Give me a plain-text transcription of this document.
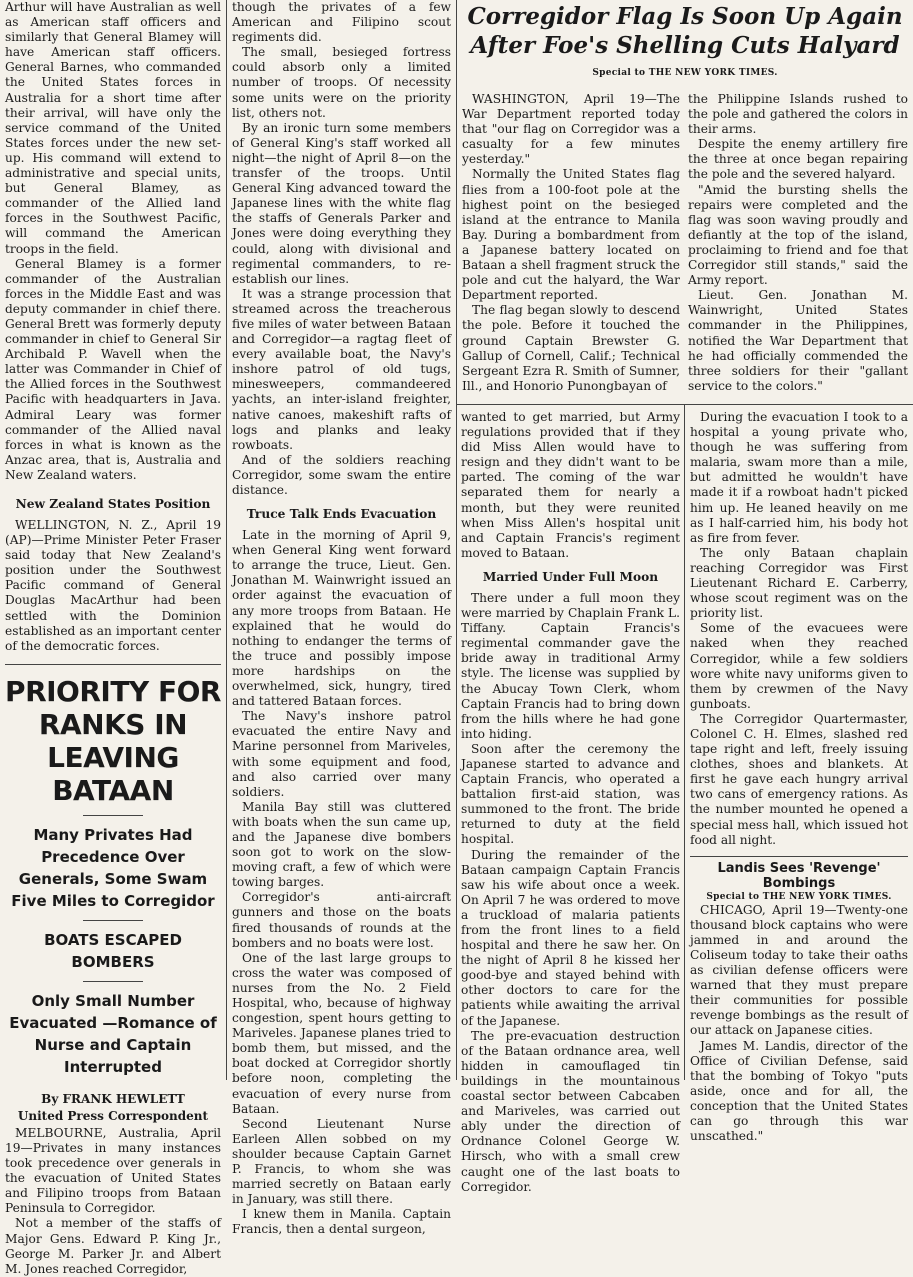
Arthur will have Australian as well as American staff officers and similarly that General Blamey will have American staff officers. General Barnes, who commanded the United States forces in Australia for a short time after their arrival, will have only the service command of the United States forces under the new set-up. His command will extend to administrative and special units, but General Blamey, as commander of the Allied land forces in the Southwest Pacific, will command the American troops in the field.

General Blamey is a former commander of the Australian forces in the Middle East and was deputy commander in chief there. General Brett was formerly deputy commander in chief to General Sir Archibald P. Wavell when the latter was Commander in Chief of the Allied forces in the Southwest Pacific with headquarters in Java. Admiral Leary was former commander of the Allied naval forces in what is known as the Anzac area, that is, Australia and New Zealand waters.

New Zealand States Position

WELLINGTON, N. Z., April 19 (AP)—Prime Minister Peter Fraser said today that New Zealand's position under the Southwest Pacific command of General Douglas MacArthur had been settled with the Dominion established as an important center of the democratic forces.

PRIORITY FOR RANKS IN LEAVING BATAAN
Many Privates Had Precedence Over Generals, Some Swam Five Miles to Corregidor
BOATS ESCAPED BOMBERS
Only Small Number Evacuated —Romance of Nurse and Captain Interrupted
By FRANK HEWLETT
United Press Correspondent

MELBOURNE, Australia, April 19—Privates in many instances took precedence over generals in the evacuation of United States and Filipino troops from Bataan Peninsula to Corregidor.

Not a member of the staffs of Major Gens. Edward P. King Jr., George M. Parker Jr. and Albert M. Jones reached Corregidor,

though the privates of a few American and Filipino scout regiments did.

The small, besieged fortress could absorb only a limited number of troops. Of necessity some units were on the priority list, others not.

By an ironic turn some members of General King's staff worked all night—the night of April 8—on the transfer of the troops. Until General King advanced toward the Japanese lines with the white flag the staffs of Generals Parker and Jones were doing everything they could, along with divisional and regimental commanders, to re-establish our lines.

It was a strange procession that streamed across the treacherous five miles of water between Bataan and Corregidor—a ragtag fleet of every available boat, the Navy's inshore patrol of old tugs, minesweepers, commandeered yachts, an inter-island freighter, native canoes, makeshift rafts of logs and planks and leaky rowboats.

And of the soldiers reaching Corregidor, some swam the entire distance.

Truce Talk Ends Evacuation

Late in the morning of April 9, when General King went forward to arrange the truce, Lieut. Gen. Jonathan M. Wainwright issued an order against the evacuation of any more troops from Bataan. He explained that he would do nothing to endanger the terms of the truce and possibly impose more hardships on the overwhelmed, sick, hungry, tired and tattered Bataan forces.

The Navy's inshore patrol evacuated the entire Navy and Marine personnel from Mariveles, with some equipment and food, and also carried over many soldiers.

Manila Bay still was cluttered with boats when the sun came up, and the Japanese dive bombers soon got to work on the slow-moving craft, a few of which were towing barges.

Corregidor's anti-aircraft gunners and those on the boats fired thousands of rounds at the bombers and no boats were lost.

One of the last large groups to cross the water was composed of nurses from the No. 2 Field Hospital, who, because of highway congestion, spent hours getting to Mariveles. Japanese planes tried to bomb them, but missed, and the boat docked at Corregidor shortly before noon, completing the evacuation of every nurse from Bataan.

Second Lieutenant Nurse Earleen Allen sobbed on my shoulder because Captain Garnet P. Francis, to whom she was married secretly on Bataan early in January, was still there.

I knew them in Manila. Captain Francis, then a dental surgeon,

Corregidor Flag Is Soon Up Again After Foe's Shelling Cuts Halyard
Special to THE NEW YORK TIMES.

WASHINGTON, April 19—The War Department reported today that "our flag on Corregidor was a casualty for a few minutes yesterday."

Normally the United States flag flies from a 100-foot pole at the highest point on the besieged island at the entrance to Manila Bay. During a bombardment from a Japanese battery located on Bataan a shell fragment struck the pole and cut the halyard, the War Department reported.

The flag began slowly to descend the pole. Before it touched the ground Captain Brewster G. Gallup of Cornell, Calif.; Technical Sergeant Ezra R. Smith of Sumner, Ill., and Honorio Punongbayan of

the Philippine Islands rushed to the pole and gathered the colors in their arms.

Despite the enemy artillery fire the three at once began repairing the pole and the severed halyard.

"Amid the bursting shells the repairs were completed and the flag was soon waving proudly and defiantly at the top of the island, proclaiming to friend and foe that Corregidor still stands," said the Army report.

Lieut. Gen. Jonathan M. Wainwright, United States commander in the Philippines, notified the War Department that he had officially commended the three soldiers for their "gallant service to the colors."

wanted to get married, but Army regulations provided that if they did Miss Allen would have to resign and they didn't want to be parted. The coming of the war separated them for nearly a month, but they were reunited when Miss Allen's hospital unit and Captain Francis's regiment moved to Bataan.

Married Under Full Moon

There under a full moon they were married by Chaplain Frank L. Tiffany. Captain Francis's regimental commander gave the bride away in traditional Army style. The license was supplied by the Abucay Town Clerk, whom Captain Francis had to bring down from the hills where he had gone into hiding.

Soon after the ceremony the Japanese started to advance and Captain Francis, who operated a battalion first-aid station, was summoned to the front. The bride returned to duty at the field hospital.

During the remainder of the Bataan campaign Captain Francis saw his wife about once a week. On April 7 he was ordered to move a truckload of malaria patients from the front lines to a field hospital and there he saw her. On the night of April 8 he kissed her good-bye and stayed behind with other doctors to care for the patients while awaiting the arrival of the Japanese.

The pre-evacuation destruction of the Bataan ordnance area, well hidden in camouflaged tin buildings in the mountainous coastal sector between Cabcaben and Mariveles, was carried out ably under the direction of Ordnance Colonel George W. Hirsch, who with a small crew caught one of the last boats to Corregidor.

During the evacuation I took to a hospital a young private who, though he was suffering from malaria, swam more than a mile, but admitted he wouldn't have made it if a rowboat hadn't picked him up. He leaned heavily on me as I half-carried him, his body hot as fire from fever.

The only Bataan chaplain reaching Corregidor was First Lieutenant Richard E. Carberry, whose scout regiment was on the priority list.

Some of the evacuees were naked when they reached Corregidor, while a few soldiers wore white navy uniforms given to them by crewmen of the Navy gunboats.

The Corregidor Quartermaster, Colonel C. H. Elmes, slashed red tape right and left, freely issuing clothes, shoes and blankets. At first he gave each hungry arrival two cans of emergency rations. As the number mounted he opened a special mess hall, which issued hot food all night.

Landis Sees 'Revenge' Bombings
Special to THE NEW YORK TIMES.

CHICAGO, April 19—Twenty-one thousand block captains who were jammed in and around the Coliseum today to take their oaths as civilian defense officers were warned that they must prepare their communities for possible revenge bombings as the result of our attack on Japanese cities.

James M. Landis, director of the Office of Civilian Defense, said that the bombing of Tokyo "puts aside, once and for all, the conception that the United States can go through this war unscathed."
